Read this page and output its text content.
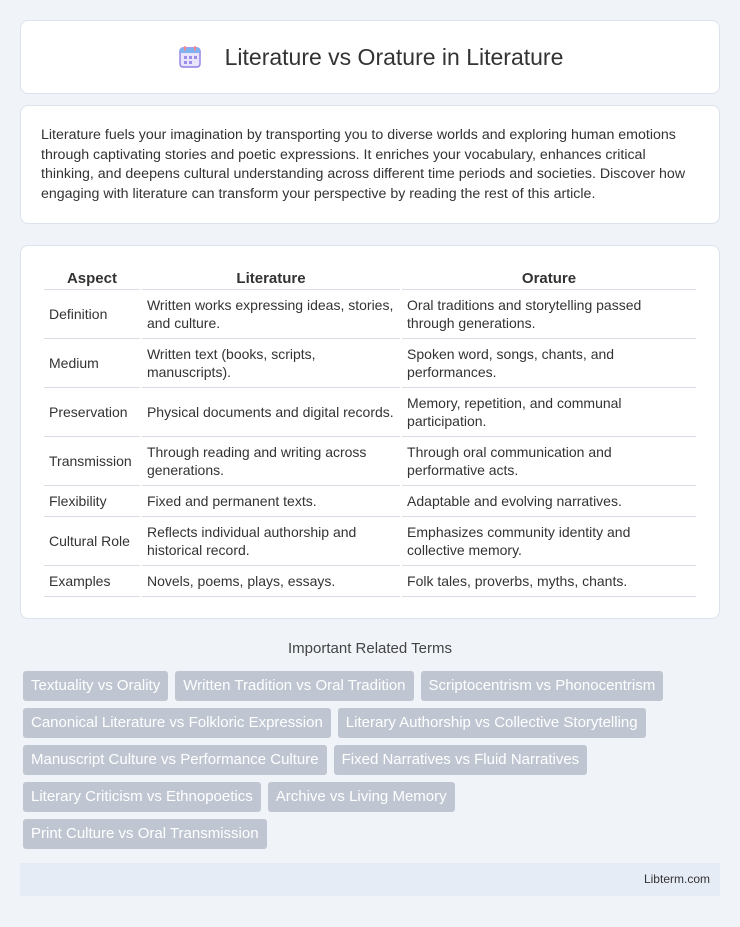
Literature vs Orature in Literature

Literature fuels your imagination by transporting you to diverse worlds and exploring human emotions through captivating stories and poetic expressions. It enriches your vocabulary, enhances critical thinking, and deepens cultural understanding across different time periods and societies. Discover how engaging with literature can transform your perspective by reading the rest of this article.

Aspect	Literature	Orature
Definition	Written works expressing ideas, stories, and culture.	Oral traditions and storytelling passed through generations.
Medium	Written text (books, scripts, manuscripts).	Spoken word, songs, chants, and performances.
Preservation	Physical documents and digital records.	Memory, repetition, and communal participation.
Transmission	Through reading and writing across generations.	Through oral communication and performative acts.
Flexibility	Fixed and permanent texts.	Adaptable and evolving narratives.
Cultural Role	Reflects individual authorship and historical record.	Emphasizes community identity and collective memory.
Examples	Novels, poems, plays, essays.	Folk tales, proverbs, myths, chants.
Important Related Terms
Textuality vs Orality	Written Tradition vs Oral Tradition	Scriptocentrism vs Phonocentrism
Canonical Literature vs Folkloric Expression	Literary Authorship vs Collective Storytelling
Manuscript Culture vs Performance Culture	Fixed Narratives vs Fluid Narratives
Literary Criticism vs Ethnopoetics	Archive vs Living Memory
Print Culture vs Oral Transmission
Libterm.com
